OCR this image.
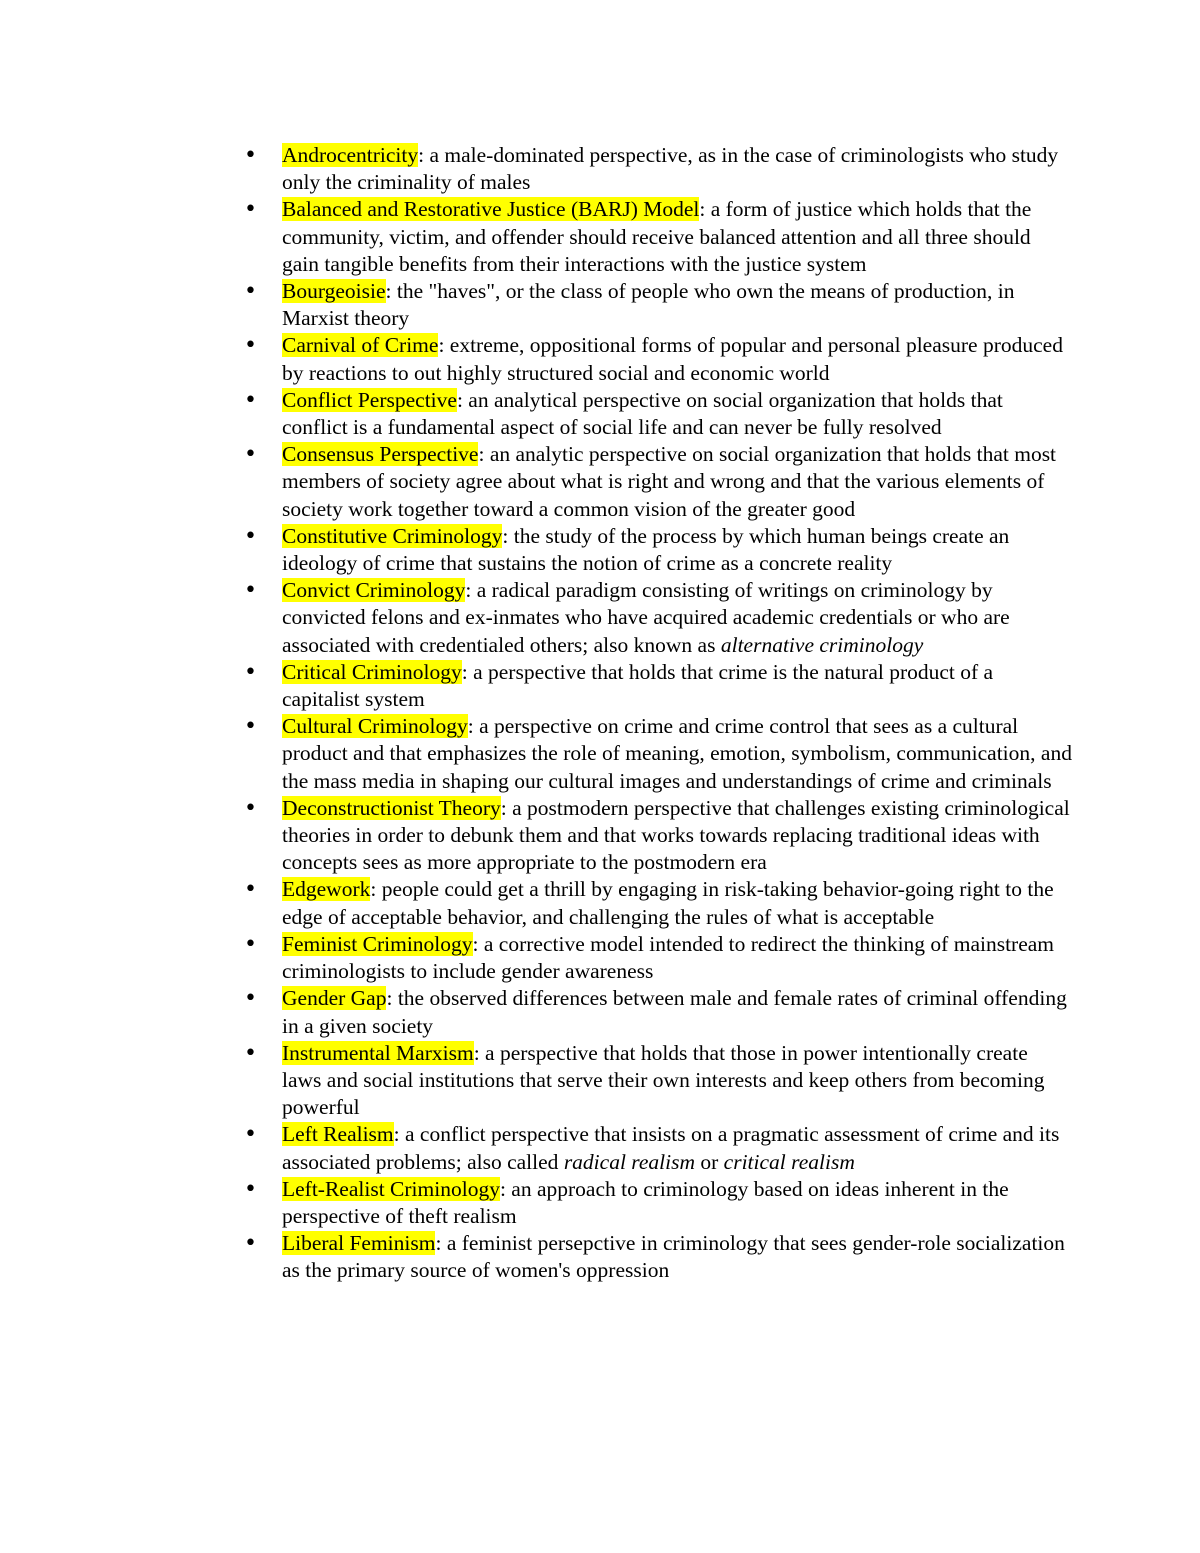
• Androcentricity: a male-dominated perspective, as in the case of criminologists who study only the criminality of males
• Balanced and Restorative Justice (BARJ) Model: a form of justice which holds that the community, victim, and offender should receive balanced attention and all three should gain tangible benefits from their interactions with the justice system
• Bourgeoisie: the "haves", or the class of people who own the means of production, in Marxist theory
• Carnival of Crime: extreme, oppositional forms of popular and personal pleasure produced by reactions to out highly structured social and economic world
• Conflict Perspective: an analytical perspective on social organization that holds that conflict is a fundamental aspect of social life and can never be fully resolved
• Consensus Perspective: an analytic perspective on social organization that holds that most members of society agree about what is right and wrong and that the various elements of society work together toward a common vision of the greater good
• Constitutive Criminology: the study of the process by which human beings create an ideology of crime that sustains the notion of crime as a concrete reality
• Convict Criminology: a radical paradigm consisting of writings on criminology by convicted felons and ex-inmates who have acquired academic credentials or who are associated with credentialed others; also known as alternative criminology
• Critical Criminology: a perspective that holds that crime is the natural product of a capitalist system
• Cultural Criminology: a perspective on crime and crime control that sees as a cultural product and that emphasizes the role of meaning, emotion, symbolism, communication, and the mass media in shaping our cultural images and understandings of crime and criminals
• Deconstructionist Theory: a postmodern perspective that challenges existing criminological theories in order to debunk them and that works towards replacing traditional ideas with concepts sees as more appropriate to the postmodern era
• Edgework: people could get a thrill by engaging in risk-taking behavior-going right to the edge of acceptable behavior, and challenging the rules of what is acceptable
• Feminist Criminology: a corrective model intended to redirect the thinking of mainstream criminologists to include gender awareness
• Gender Gap: the observed differences between male and female rates of criminal offending in a given society
• Instrumental Marxism: a perspective that holds that those in power intentionally create laws and social institutions that serve their own interests and keep others from becoming powerful
• Left Realism: a conflict perspective that insists on a pragmatic assessment of crime and its associated problems; also called radical realism or critical realism
• Left-Realist Criminology: an approach to criminology based on ideas inherent in the perspective of theft realism
• Liberal Feminism: a feminist persepctive in criminology that sees gender-role socialization as the primary source of women's oppression
